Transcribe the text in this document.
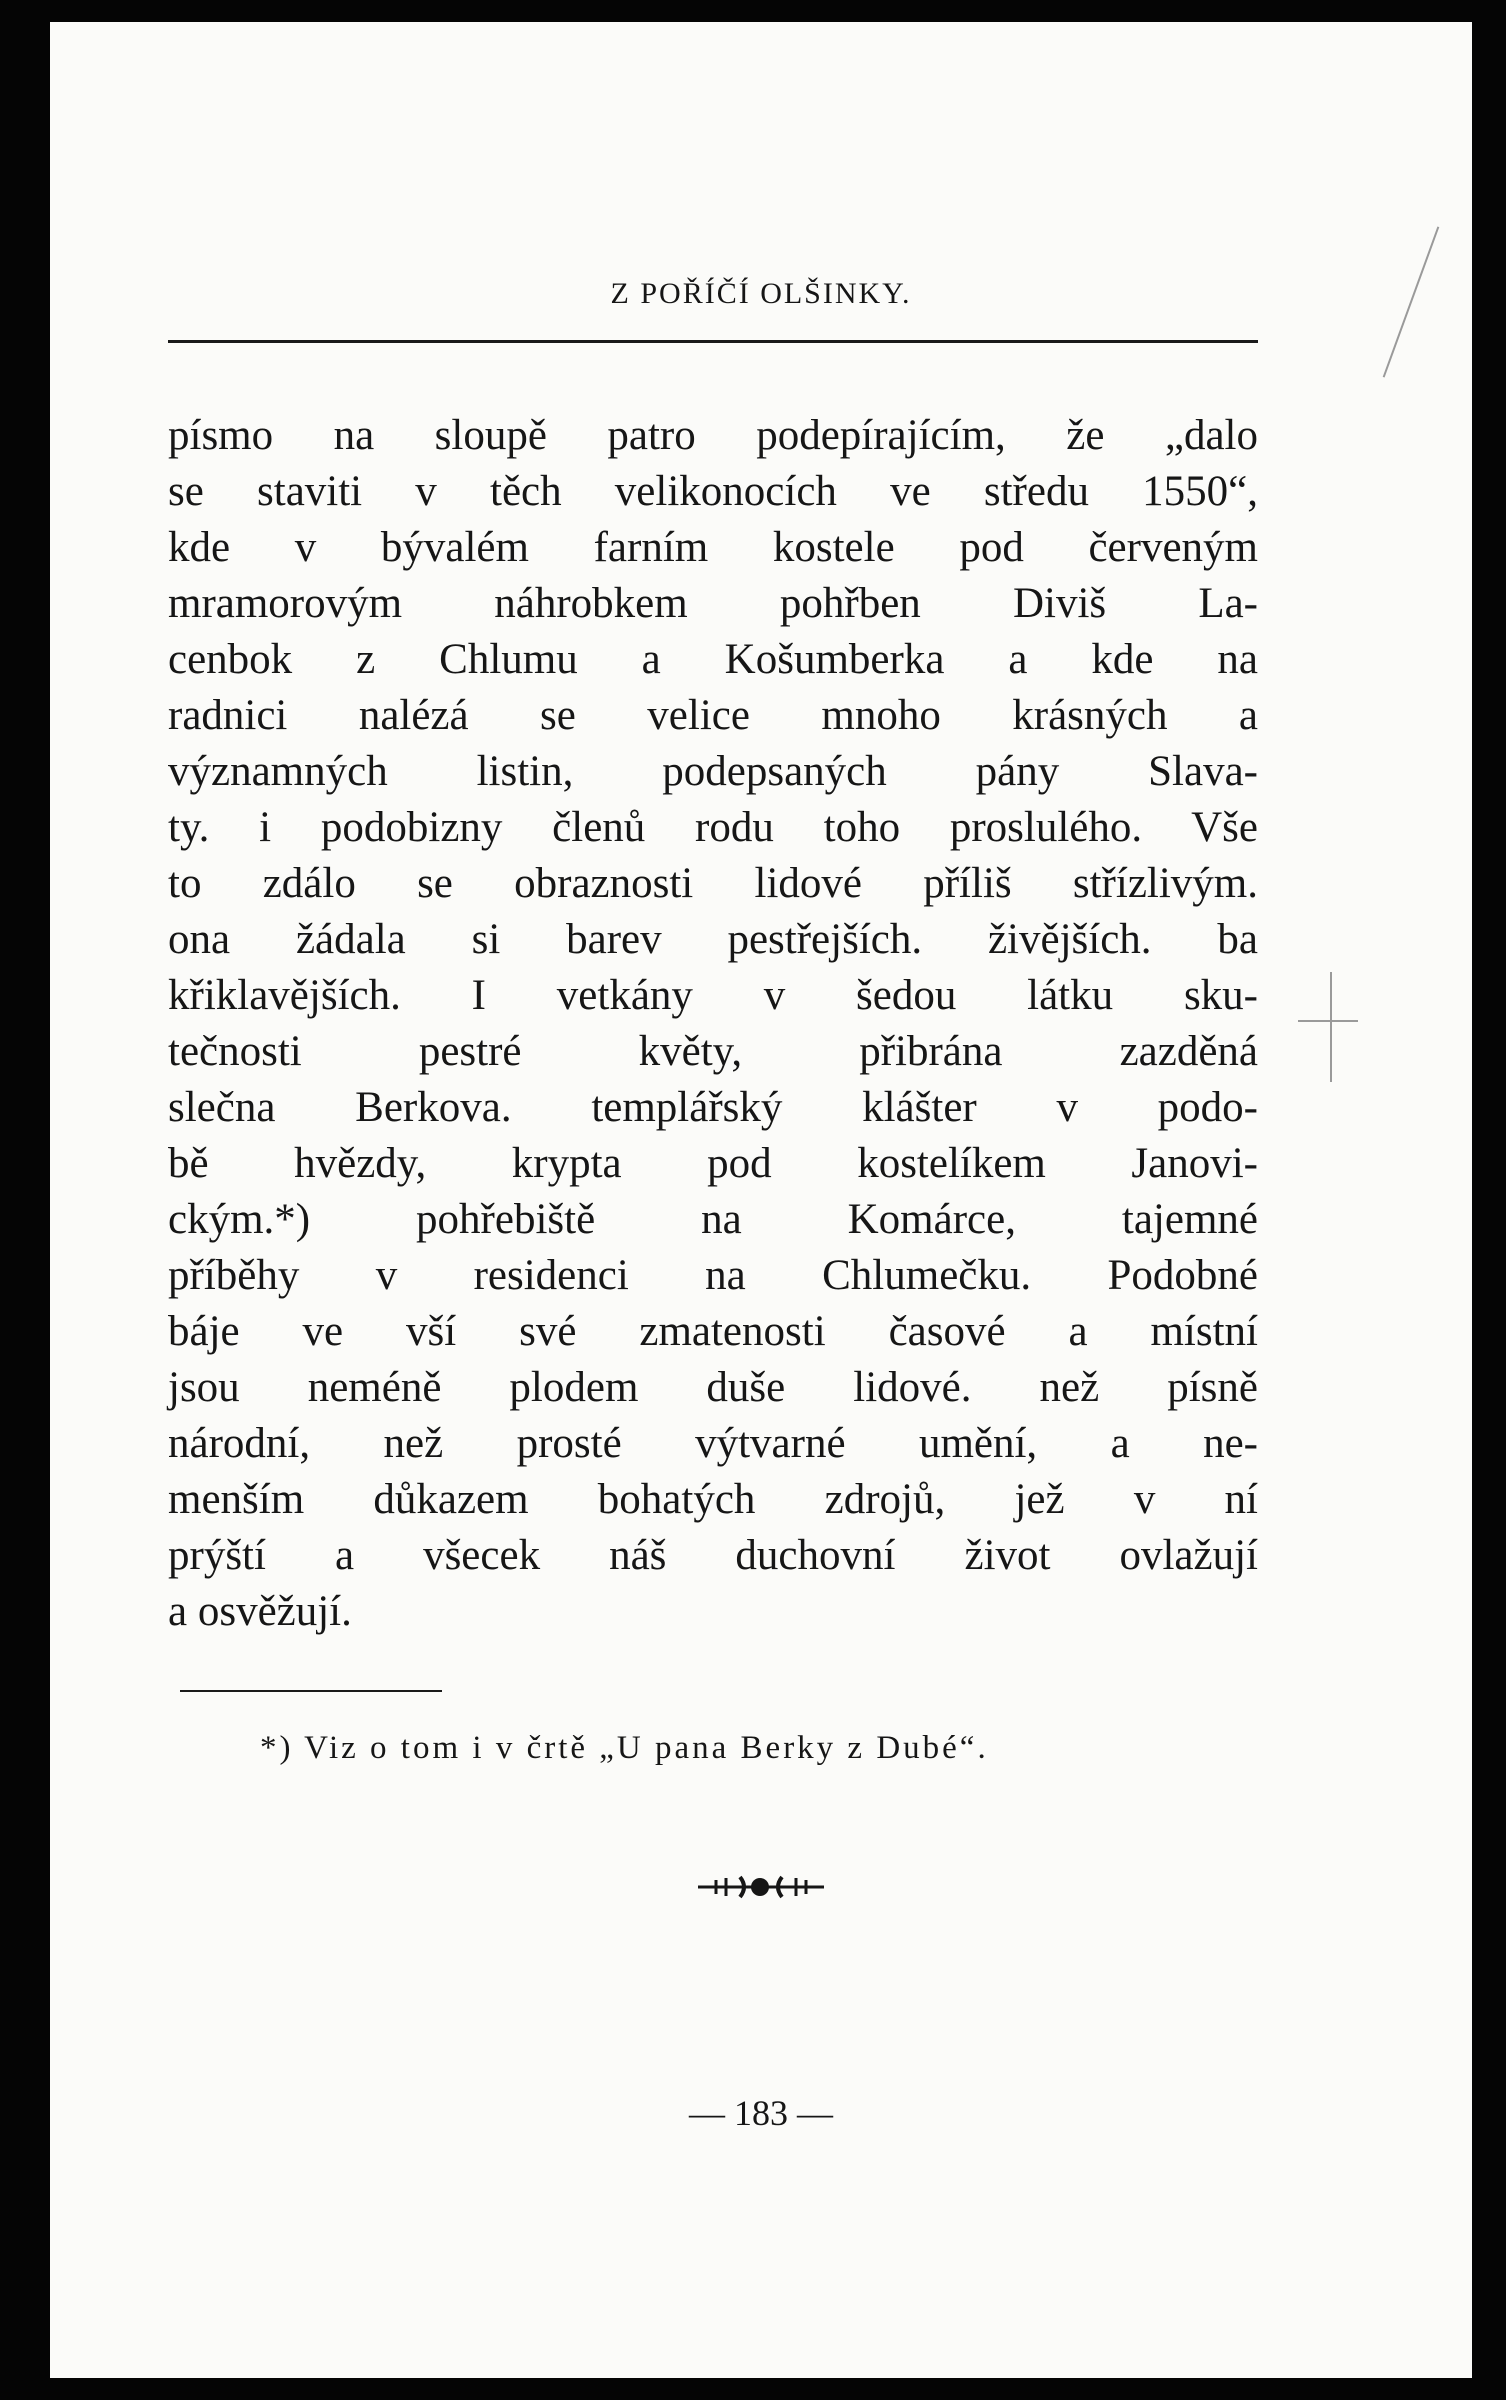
Z POŘÍČÍ OLŠINKY.
písmo na sloupě patro podepírajícím, že „dalo
se staviti v těch velikonocích ve středu 1550“,
kde v bývalém farním kostele pod červeným
mramorovým náhrobkem pohřben Diviš La-
cenbok z Chlumu a Košumberka a kde na
radnici nalézá se velice mnoho krásných a
významných listin, podepsaných pány Slava-
ty. i podobizny členů rodu toho proslulého. Vše
to zdálo se obraznosti lidové příliš střízlivým.
ona žádala si barev pestřejších. živějších. ba
křiklavějších. I vetkány v šedou látku sku-
tečnosti pestré květy, přibrána zazděná
slečna Berkova. templářský klášter v podo-
bě hvězdy, krypta pod kostelíkem Janovi-
ckým.*) pohřebiště na Komárce, tajemné
příběhy v residenci na Chlumečku. Podobné
báje ve vší své zmatenosti časové a místní
jsou neméně plodem duše lidové. než písně
národní, než prosté výtvarné umění, a ne-
menším důkazem bohatých zdrojů, jež v ní
prýští a všecek náš duchovní život ovlažují
a osvěžují.
*) Viz o tom i v črtě „U pana Berky z Dubé“.
— 183 —
